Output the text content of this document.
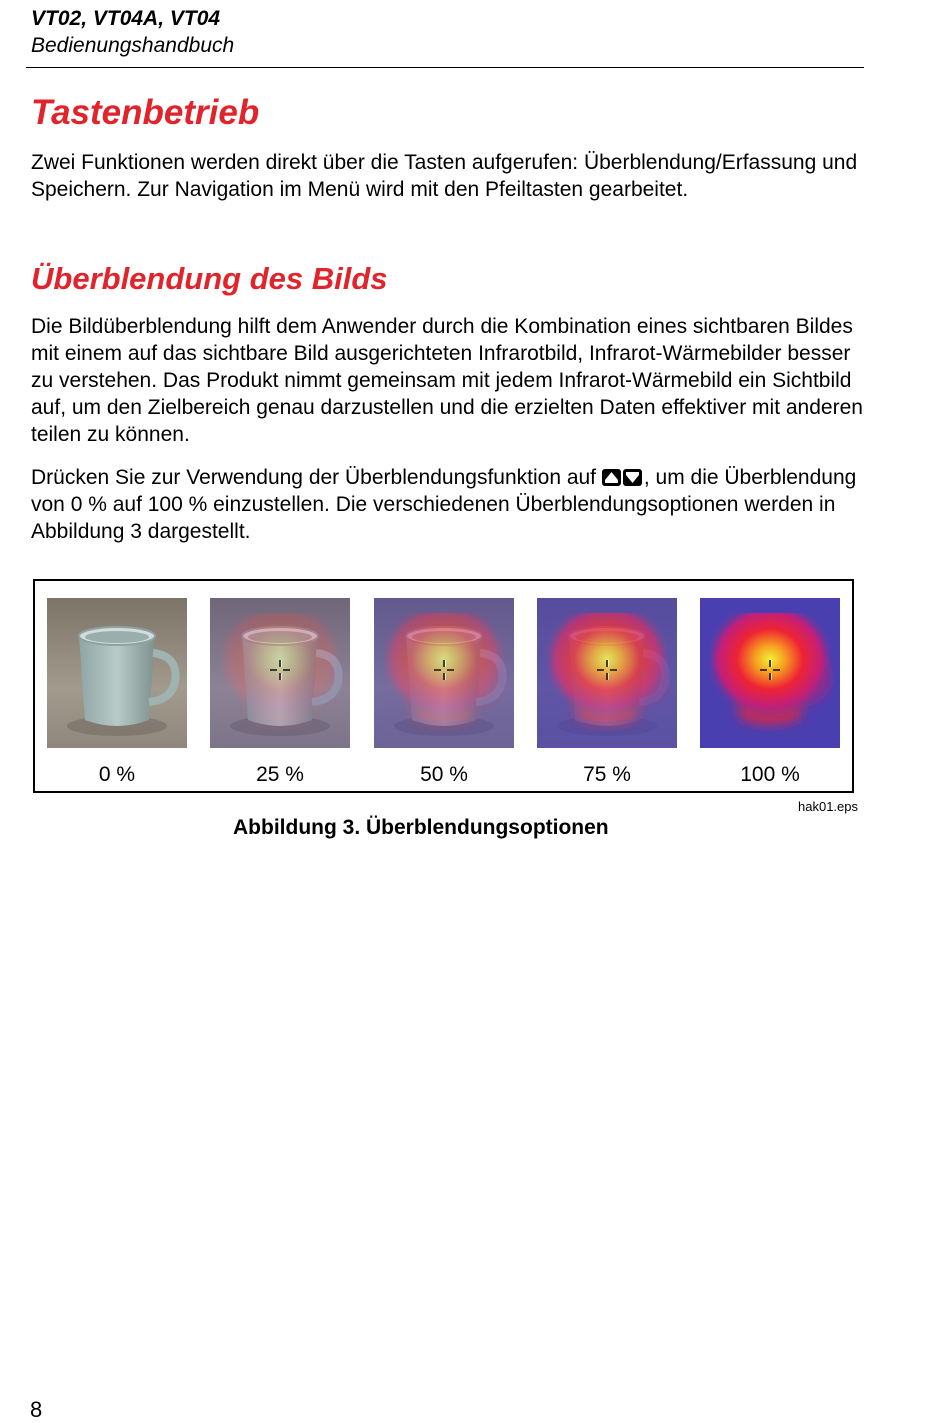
VT02, VT04A, VT04
Bedienungshandbuch
Tastenbetrieb

Zwei Funktionen werden direkt über die Tasten aufgerufen: Überblendung/Erfassung und Speichern. Zur Navigation im Menü wird mit den Pfeiltasten gearbeitet.

Überblendung des Bilds

Die Bildüberblendung hilft dem Anwender durch die Kombination eines sichtbaren Bildes mit einem auf das sichtbare Bild ausgerichteten Infrarotbild, Infrarot-Wärmebilder besser zu verstehen. Das Produkt nimmt gemeinsam mit jedem Infrarot-Wärmebild ein Sichtbild auf, um den Zielbereich genau darzustellen und die erzielten Daten effektiver mit anderen teilen zu können.

Drücken Sie zur Verwendung der Überblendungsfunktion auf
, um die Überblendung von 0 % auf 100 % einzustellen. Die verschiedenen Überblendungsoptionen werden in Abbildung 3 dargestellt.

0 %	25 %	50 %	75 %	100 %
hak01.eps
Abbildung 3. Überblendungsoptionen
8
